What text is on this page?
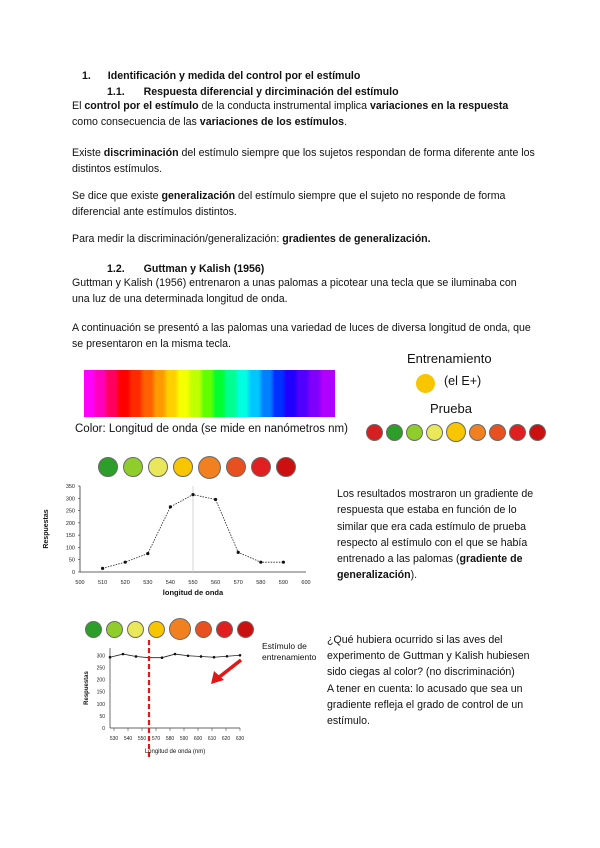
1. Identificación y medida del control por el estímulo
1.1. Respuesta diferencial y dirciminación del estímulo
El control por el estímulo de la conducta instrumental implica variaciones en la respuesta
como consecuencia de las variaciones de los estímulos.
Existe discriminación del estímulo siempre que los sujetos respondan de forma diferente ante los
distintos estímulos.
Se dice que existe generalización del estímulo siempre que el sujeto no responde de forma
diferencial ante estímulos distintos.
Para medir la discriminación/generalización: gradientes de generalización.
1.2. Guttman y Kalish (1956)
Guttman y Kalish (1956) entrenaron a unas palomas a picotear una tecla que se iluminaba con
una luz de una determinada longitud de onda.
A continuación se presentó a las palomas una variedad de luces de diversa longitud de onda, que
se presentaron en la misma tecla.
Color: Longitud de onda (se mide en nanómetros nm)
Entrenamiento
(el E+)
Prueba
0
50
100
150
200
250
300
350
500 510 520 530 540 550 560 570 580 590 600
Respuestas
longitud de onda
Los resultados mostraron un gradiente de
respuesta que estaba en función de lo
similar que era cada estímulo de prueba
respecto al estímulo con el que se había
entrenado a las palomas (gradiente de
generalización).
Estímulo de
entrenamiento
0
50
100
150
200
250
300
530 540 550 570 580 590 600 610 620 630
Respuestas
Longitud de onda (nm)
¿Qué hubiera ocurrido si las aves del
experimento de Guttman y Kalish hubiesen
sido ciegas al color? (no discriminación)
A tener en cuenta: lo acusado que sea un
gradiente refleja el grado de control de un
estímulo.
